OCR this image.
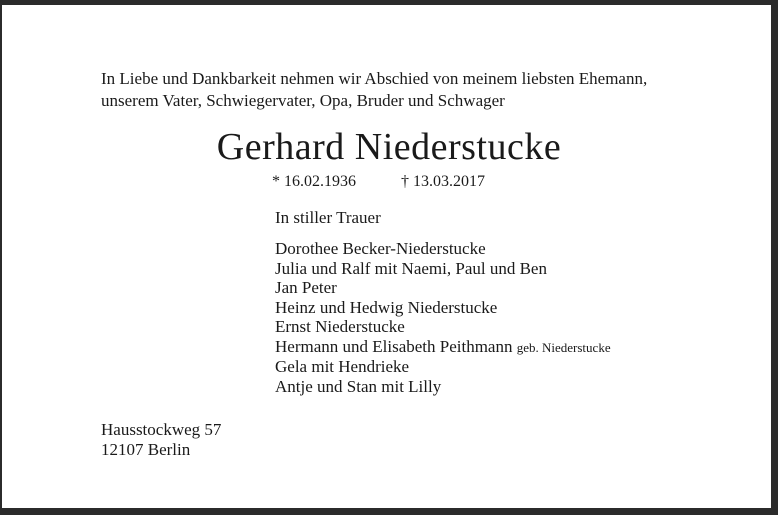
In Liebe und Dankbarkeit nehmen wir Abschied von meinem liebsten Ehemann,
unserem Vater, Schwiegervater, Opa, Bruder und Schwager
Gerhard Niederstucke
* 16.02.1936	† 13.03.2017
In stiller Trauer
Dorothee Becker-Niederstucke
Julia und Ralf mit Naemi, Paul und Ben
Jan Peter
Heinz und Hedwig Niederstucke
Ernst Niederstucke
Hermann und Elisabeth Peithmann geb. Niederstucke
Gela mit Hendrieke
Antje und Stan mit Lilly
Hausstockweg 57
12107 Berlin
